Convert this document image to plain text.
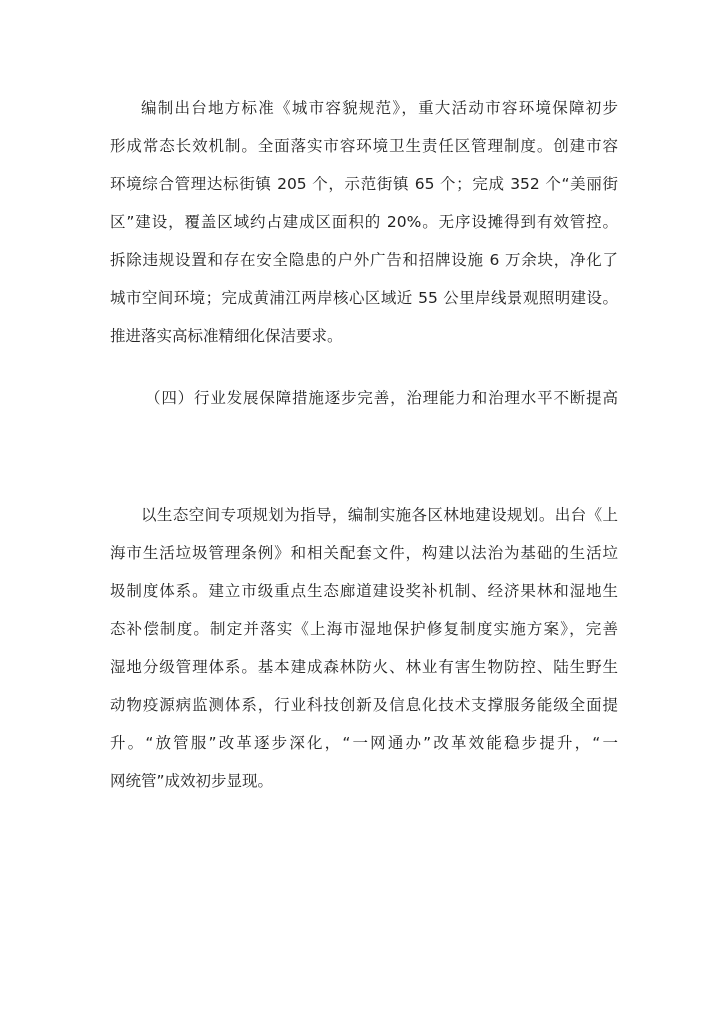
编制出台地方标准《城市容貌规范》，重大活动市容环境保障初步
形成常态长效机制。全面落实市容环境卫生责任区管理制度。创建市容
环境综合管理达标街镇 205 个，示范街镇 65 个；完成 352 个“美丽街
区”建设，覆盖区域约占建成区面积的 20%。无序设摊得到有效管控。
拆除违规设置和存在安全隐患的户外广告和招牌设施 6 万余块，净化了
城市空间环境；完成黄浦江两岸核心区域近 55 公里岸线景观照明建设。
推进落实高标准精细化保洁要求。
（四）行业发展保障措施逐步完善，治理能力和治理水平不断提高
以生态空间专项规划为指导，编制实施各区林地建设规划。出台《上
海市生活垃圾管理条例》和相关配套文件，构建以法治为基础的生活垃
圾制度体系。建立市级重点生态廊道建设奖补机制、经济果林和湿地生
态补偿制度。制定并落实《上海市湿地保护修复制度实施方案》，完善
湿地分级管理体系。基本建成森林防火、林业有害生物防控、陆生野生
动物疫源病监测体系，行业科技创新及信息化技术支撑服务能级全面提
升。“放管服”改革逐步深化，“一网通办”改革效能稳步提升，“一
网统管”成效初步显现。
